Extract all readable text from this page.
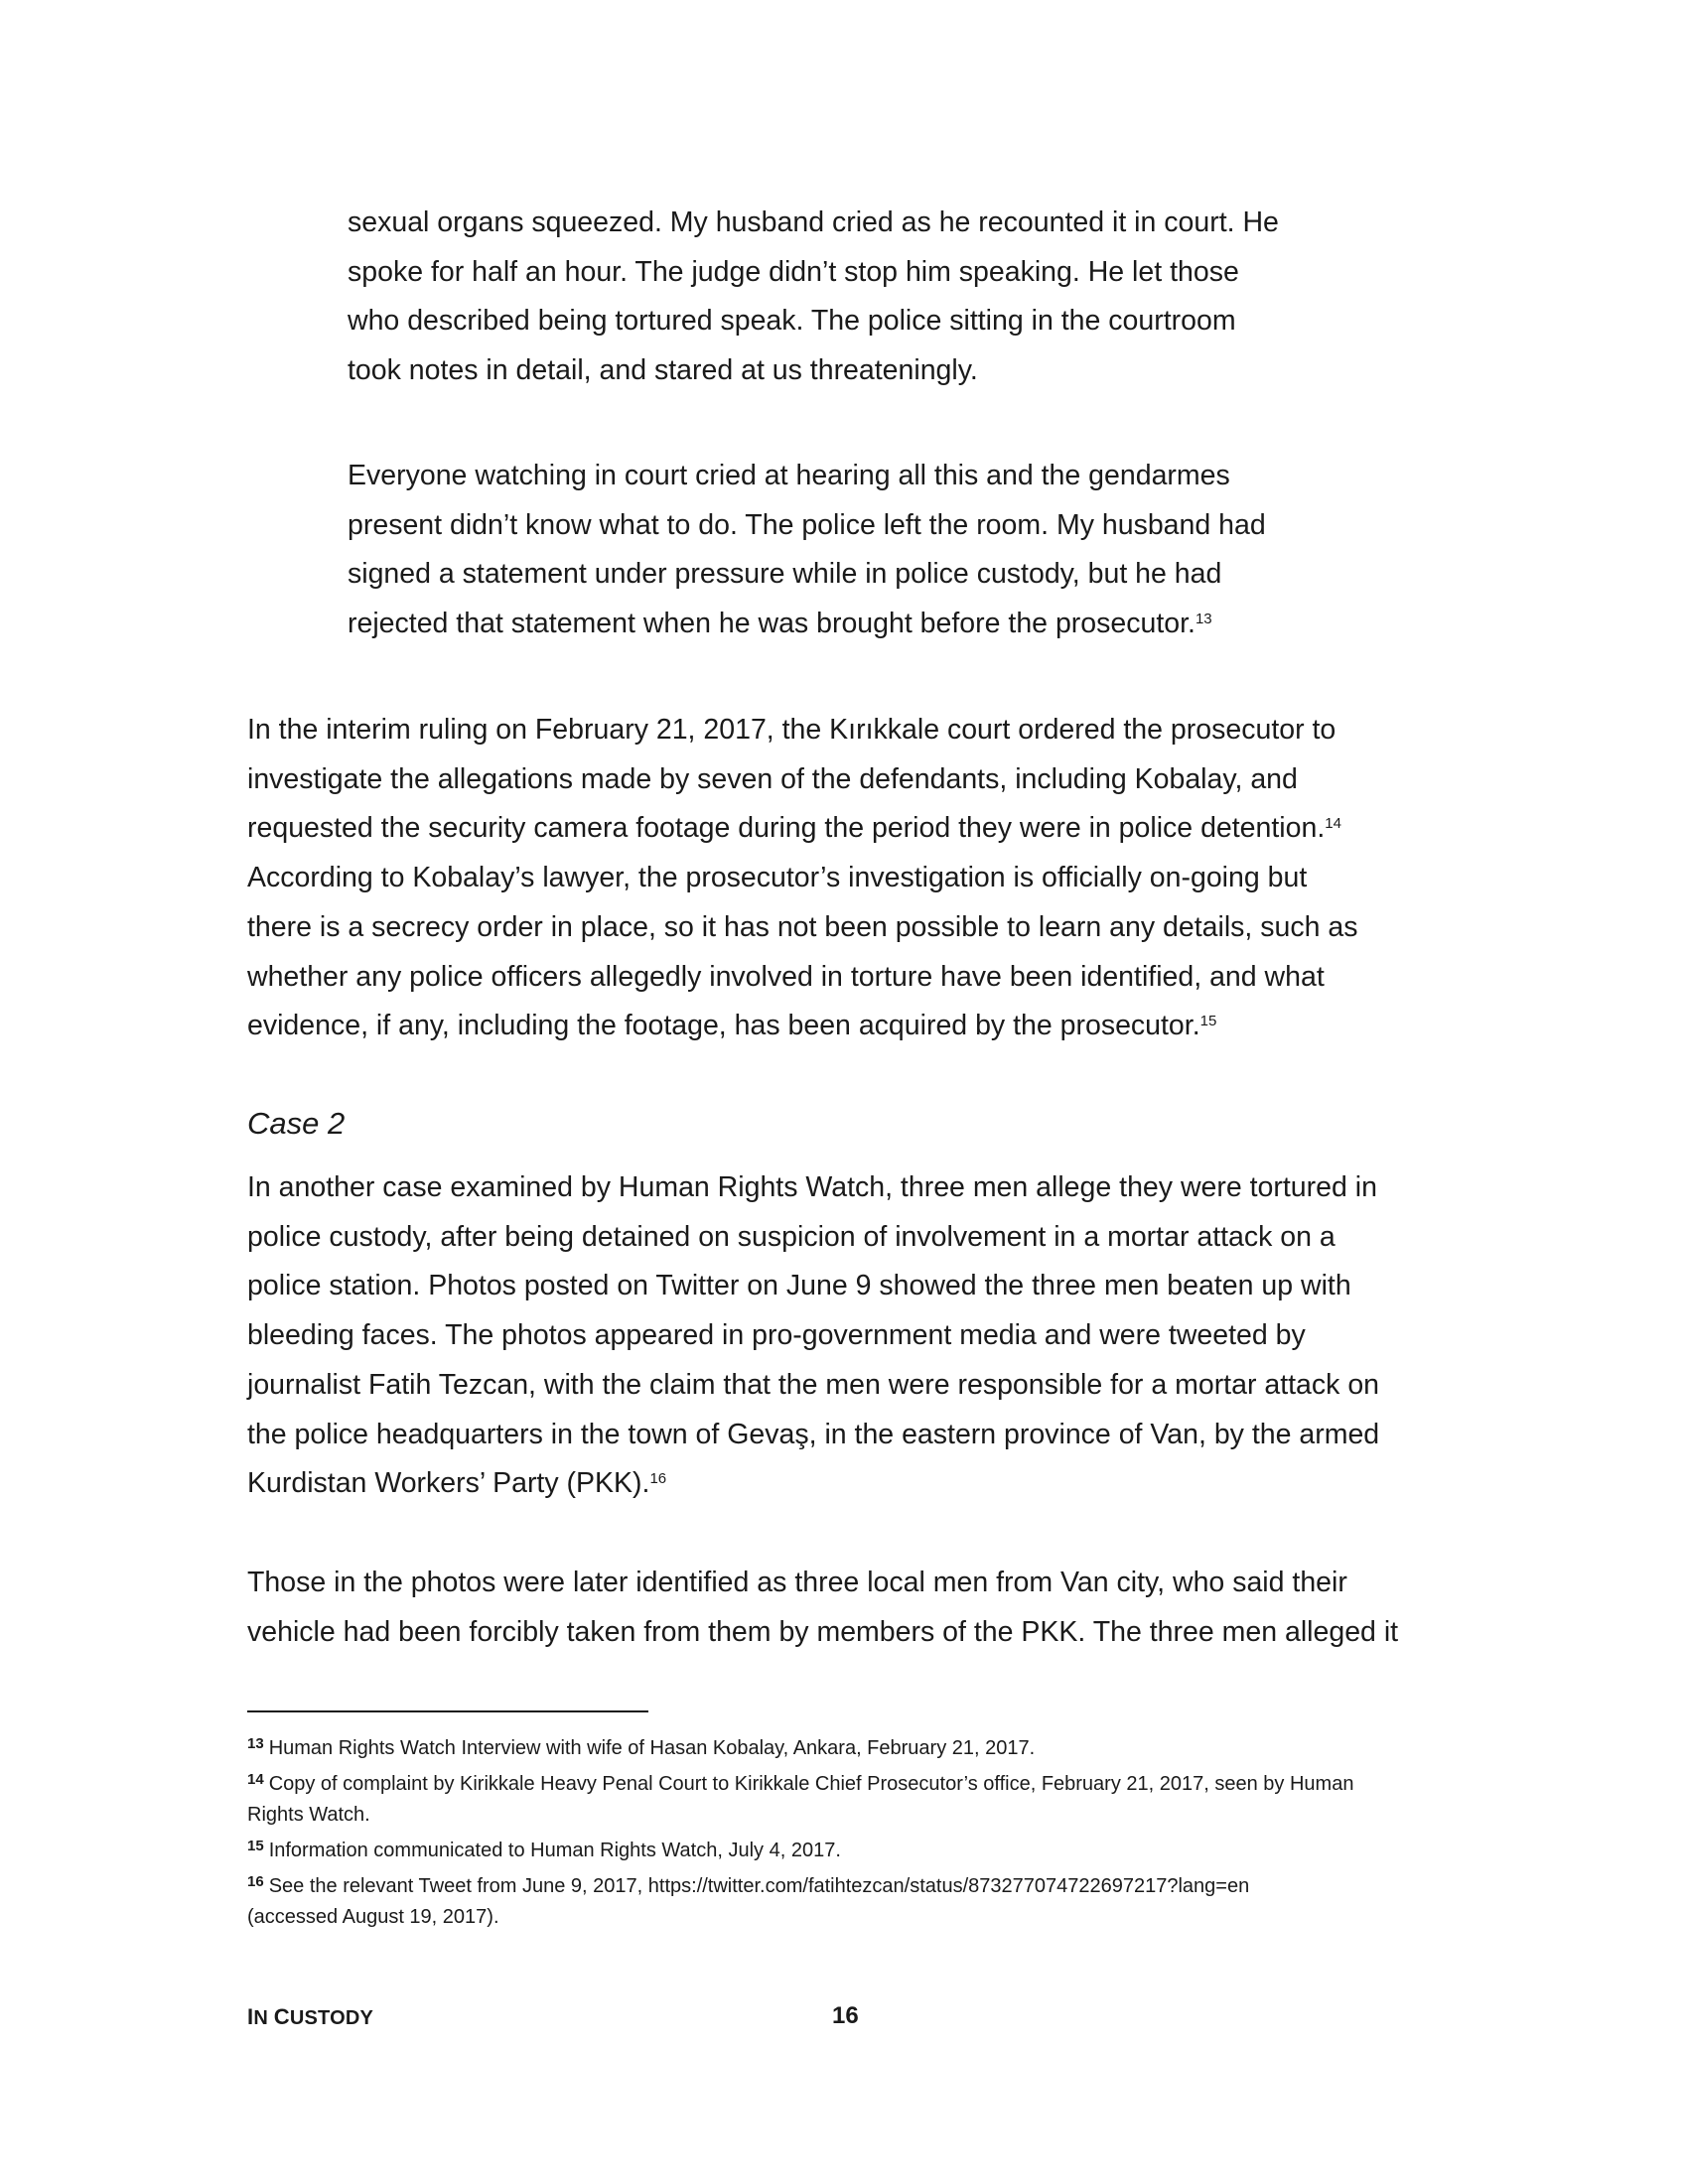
sexual organs squeezed. My husband cried as he recounted it in court. He
spoke for half an hour. The judge didn’t stop him speaking. He let those
who described being tortured speak. The police sitting in the courtroom
took notes in detail, and stared at us threateningly.
Everyone watching in court cried at hearing all this and the gendarmes
present didn’t know what to do. The police left the room. My husband had
signed a statement under pressure while in police custody, but he had
rejected that statement when he was brought before the prosecutor.$^{13}$
In the interim ruling on February 21, 2017, the Kırıkkale court ordered the prosecutor to
investigate the allegations made by seven of the defendants, including Kobalay, and
requested the security camera footage during the period they were in police detention.$^{14}$
According to Kobalay’s lawyer, the prosecutor’s investigation is officially on-going but
there is a secrecy order in place, so it has not been possible to learn any details, such as
whether any police officers allegedly involved in torture have been identified, and what
evidence, if any, including the footage, has been acquired by the prosecutor.$^{15}$
Case 2
In another case examined by Human Rights Watch, three men allege they were tortured in
police custody, after being detained on suspicion of involvement in a mortar attack on a
police station. Photos posted on Twitter on June 9 showed the three men beaten up with
bleeding faces. The photos appeared in pro-government media and were tweeted by
journalist Fatih Tezcan, with the claim that the men were responsible for a mortar attack on
the police headquarters in the town of Gevaş, in the eastern province of Van, by the armed
Kurdistan Workers’ Party (PKK).$^{16}$
Those in the photos were later identified as three local men from Van city, who said their
vehicle had been forcibly taken from them by members of the PKK. The three men alleged it
$^{13}$ Human Rights Watch Interview with wife of Hasan Kobalay, Ankara, February 21, 2017.
$^{14}$ Copy of complaint by Kirikkale Heavy Penal Court to Kirikkale Chief Prosecutor’s office, February 21, 2017, seen by Human
Rights Watch.
$^{15}$ Information communicated to Human Rights Watch, July 4, 2017.
$^{16}$ See the relevant Tweet from June 9, 2017, https://twitter.com/fatihtezcan/status/873277074722697217?lang=en
(accessed August 19, 2017).
IN CUSTODY	16
